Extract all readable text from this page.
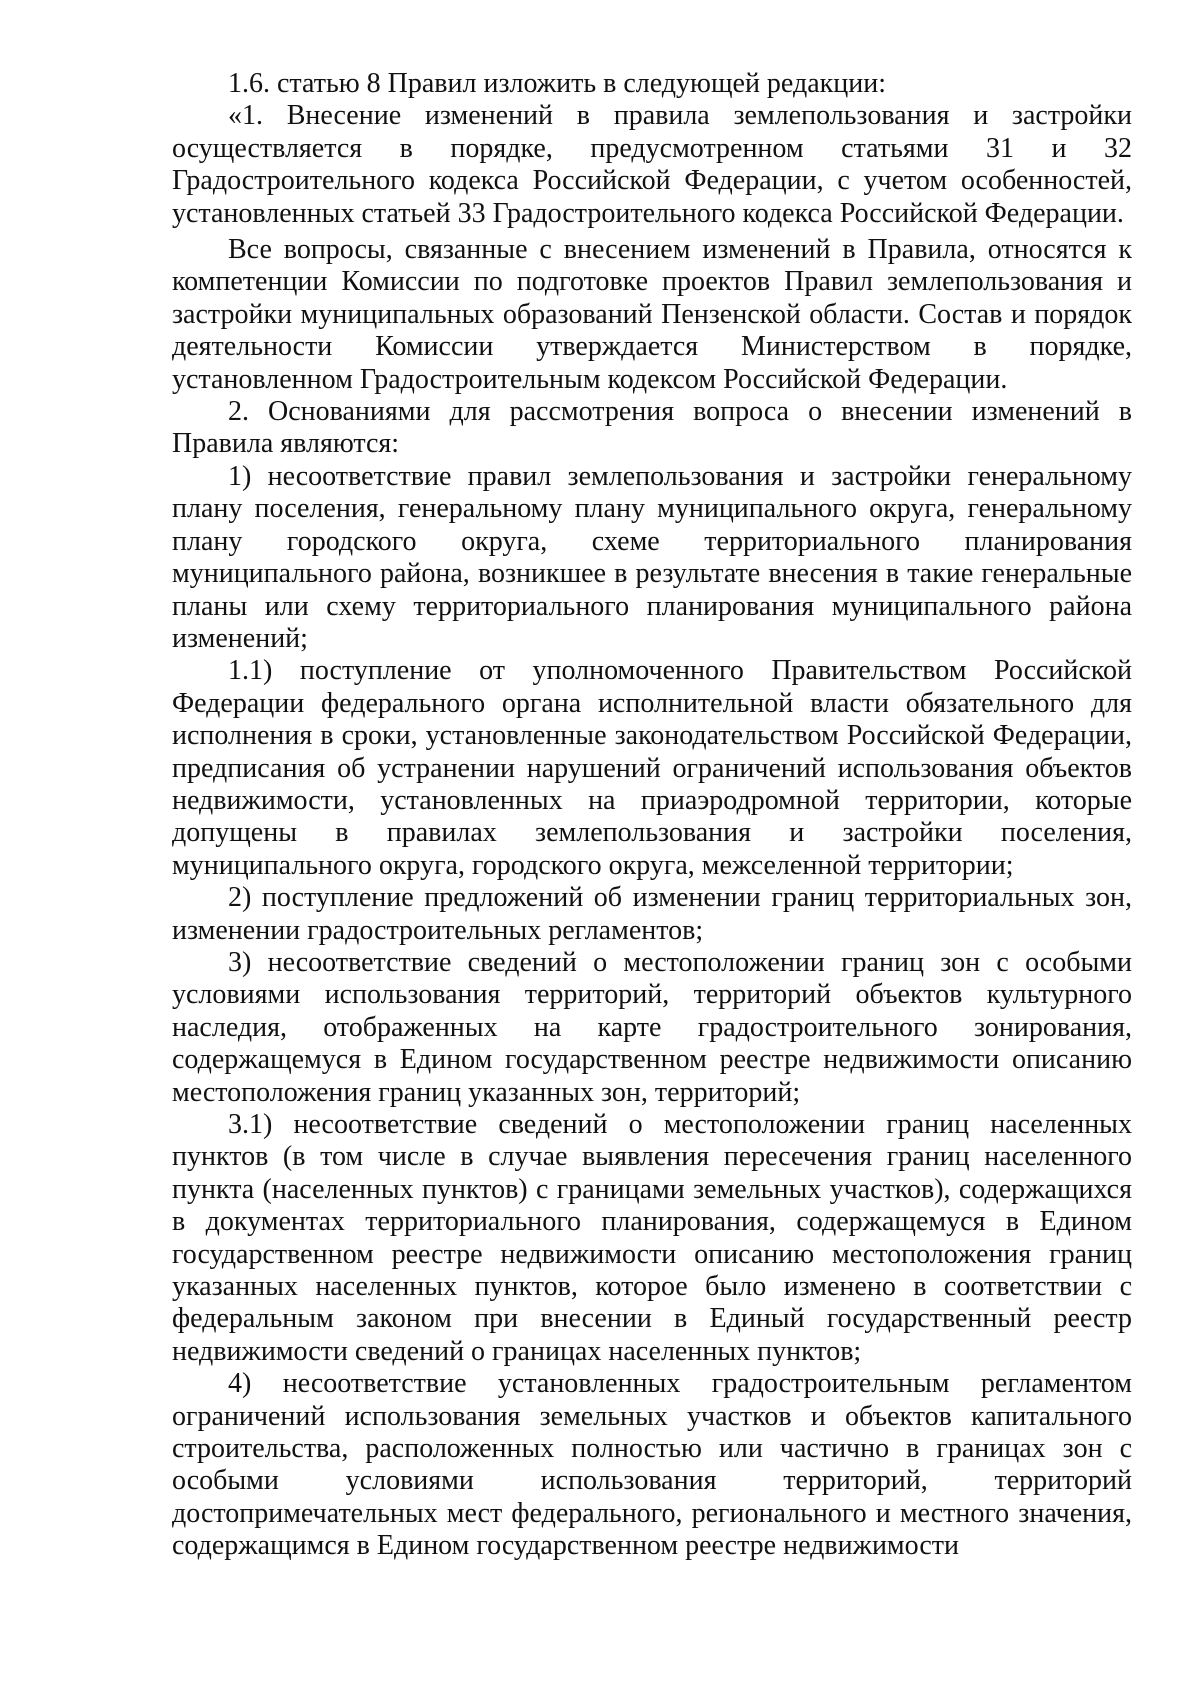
1.6. статью 8 Правил изложить в следующей редакции:

«1. Внесение изменений в правила землепользования и застройки осуществляется в порядке, предусмотренном статьями 31 и 32 Градостроительного кодекса Российской Федерации, с учетом особенностей, установленных статьей 33 Градостроительного кодекса Российской Федерации.

Все вопросы, связанные с внесением изменений в Правила, относятся к компетенции Комиссии по подготовке проектов Правил землепользования и застройки муниципальных образований Пензенской области. Состав и порядок деятельности Комиссии утверждается Министерством в порядке, установленном Градостроительным кодексом Российской Федерации.

2. Основаниями для рассмотрения вопроса о внесении изменений в Правила являются:

1) несоответствие правил землепользования и застройки генеральному плану поселения, генеральному плану муниципального округа, генеральному плану городского округа, схеме территориального планирования муниципального района, возникшее в результате внесения в такие генеральные планы или схему территориального планирования муниципального района изменений;

1.1) поступление от уполномоченного Правительством Российской Федерации федерального органа исполнительной власти обязательного для исполнения в сроки, установленные законодательством Российской Федерации, предписания об устранении нарушений ограничений использования объектов недвижимости, установленных на приаэродромной территории, которые допущены в правилах землепользования и застройки поселения, муниципального округа, городского округа, межселенной территории;

2) поступление предложений об изменении границ территориальных зон, изменении градостроительных регламентов;

3) несоответствие сведений о местоположении границ зон с особыми условиями использования территорий, территорий объектов культурного наследия, отображенных на карте градостроительного зонирования, содержащемуся в Едином государственном реестре недвижимости описанию местоположения границ указанных зон, территорий;

3.1) несоответствие сведений о местоположении границ населенных пунктов (в том числе в случае выявления пересечения границ населенного пункта (населенных пунктов) с границами земельных участков), содержащихся в документах территориального планирования, содержащемуся в Едином государственном реестре недвижимости описанию местоположения границ указанных населенных пунктов, которое было изменено в соответствии с федеральным законом при внесении в Единый государственный реестр недвижимости сведений о границах населенных пунктов;

4) несоответствие установленных градостроительным регламентом ограничений использования земельных участков и объектов капитального строительства, расположенных полностью или частично в границах зон с особыми условиями использования территорий, территорий достопримечательных мест федерального, регионального и местного значения, содержащимся в Едином государственном реестре недвижимости
